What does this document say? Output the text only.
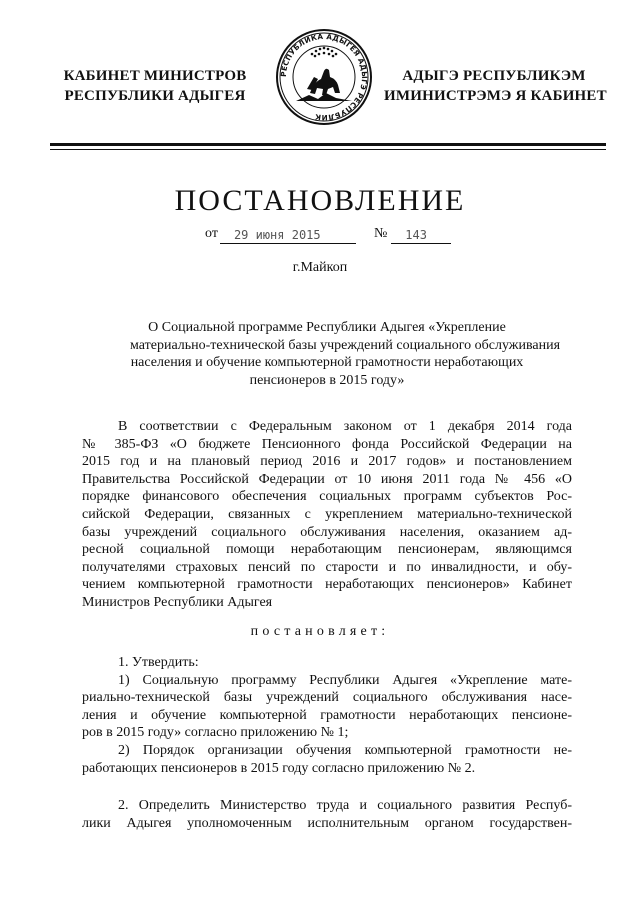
КАБИНЕТ МИНИСТРОВ
РЕСПУБЛИКИ АДЫГЕЯ
РЕСПУБЛИКА АДЫГЕЯ АДЫГЭ РЕСПУБЛИК
АДЫГЭ РЕСПУБЛИКЭМ
ИМИНИСТРЭМЭ Я КАБИНЕТ
ПОСТАНОВЛЕНИЕ
от 29 июня 2015	№ 143
г.Майкоп
О Социальной программе Республики Адыгея «Укрепление
материально-технической базы учреждений социального обслуживания
населения и обучение компьютерной грамотности неработающих
пенсионеров в 2015 году»
В соответствии с Федеральным законом от 1 декабря 2014 года
№ 385-ФЗ «О бюджете Пенсионного фонда Российской Федерации на
2015 год и на плановый период 2016 и 2017 годов» и постановлением
Правительства Российской Федерации от 10 июня 2011 года № 456 «О
порядке финансового обеспечения социальных программ субъектов Рос-
сийской Федерации, связанных с укреплением материально-технической
базы учреждений социального обслуживания населения, оказанием ад-
ресной социальной помощи неработающим пенсионерам, являющимся
получателями страховых пенсий по старости и по инвалидности, и обу-
чением компьютерной грамотности неработающих пенсионеров» Кабинет
Министров Республики Адыгея
постановляет:
1. Утвердить:
1) Социальную программу Республики Адыгея «Укрепление мате-
риально-технической базы учреждений социального обслуживания насе-
ления и обучение компьютерной грамотности неработающих пенсионе-
ров в 2015 году» согласно приложению № 1;
2) Порядок организации обучения компьютерной грамотности не-
работающих пенсионеров в 2015 году согласно приложению № 2.
2. Определить Министерство труда и социального развития Респуб-
лики Адыгея уполномоченным исполнительным органом государствен-
